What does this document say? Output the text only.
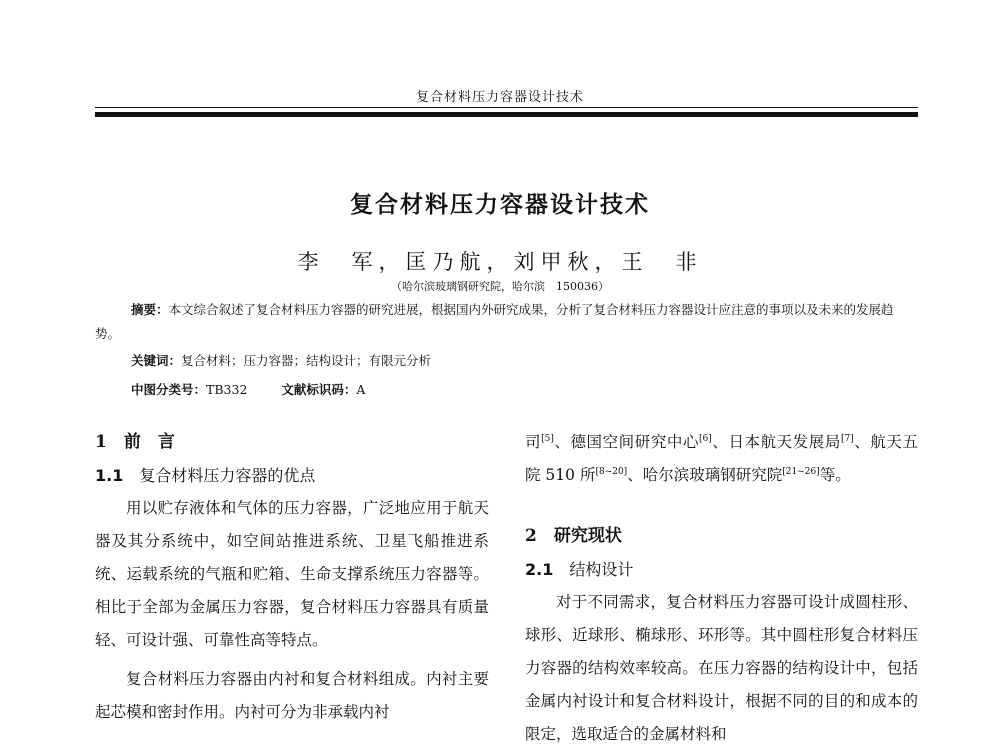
复合材料压力容器设计技术
复合材料压力容器设计技术
李　军，匡乃航，刘甲秋，王　非
（哈尔滨玻璃钢研究院，哈尔滨　150036）
摘要：本文综合叙述了复合材料压力容器的研究进展，根据国内外研究成果，分析了复合材料压力容器设计应注意的事项以及未来的发展趋势。
关键词：复合材料；压力容器；结构设计；有限元分析
中图分类号：TB332	文献标识码：A
1　前　言
1.1　 复合材料压力容器的优点

用以贮存液体和气体的压力容器，广泛地应用于航天器及其分系统中，如空间站推进系统、卫星飞船推进系统、运载系统的气瓶和贮箱、生命支撑系统压力容器等。相比于全部为金属压力容器，复合材料压力容器具有质量轻、可设计强、可靠性高等特点。

复合材料压力容器由内衬和复合材料组成。内衬主要起芯模和密封作用。内衬可分为非承载内衬

司[5]、德国空间研究中心[6]、日本航天发展局[7]、航天五院 510 所[8~20]、哈尔滨玻璃钢研究院[21~26]等。
2　研究现状
2.1　 结构设计

对于不同需求，复合材料压力容器可设计成圆柱形、球形、近球形、椭球形、环形等。其中圆柱形复合材料压力容器的结构效率较高。在压力容器的结构设计中，包括金属内衬设计和复合材料设计，根据不同的目的和成本的限定，选取适合的金属材料和
